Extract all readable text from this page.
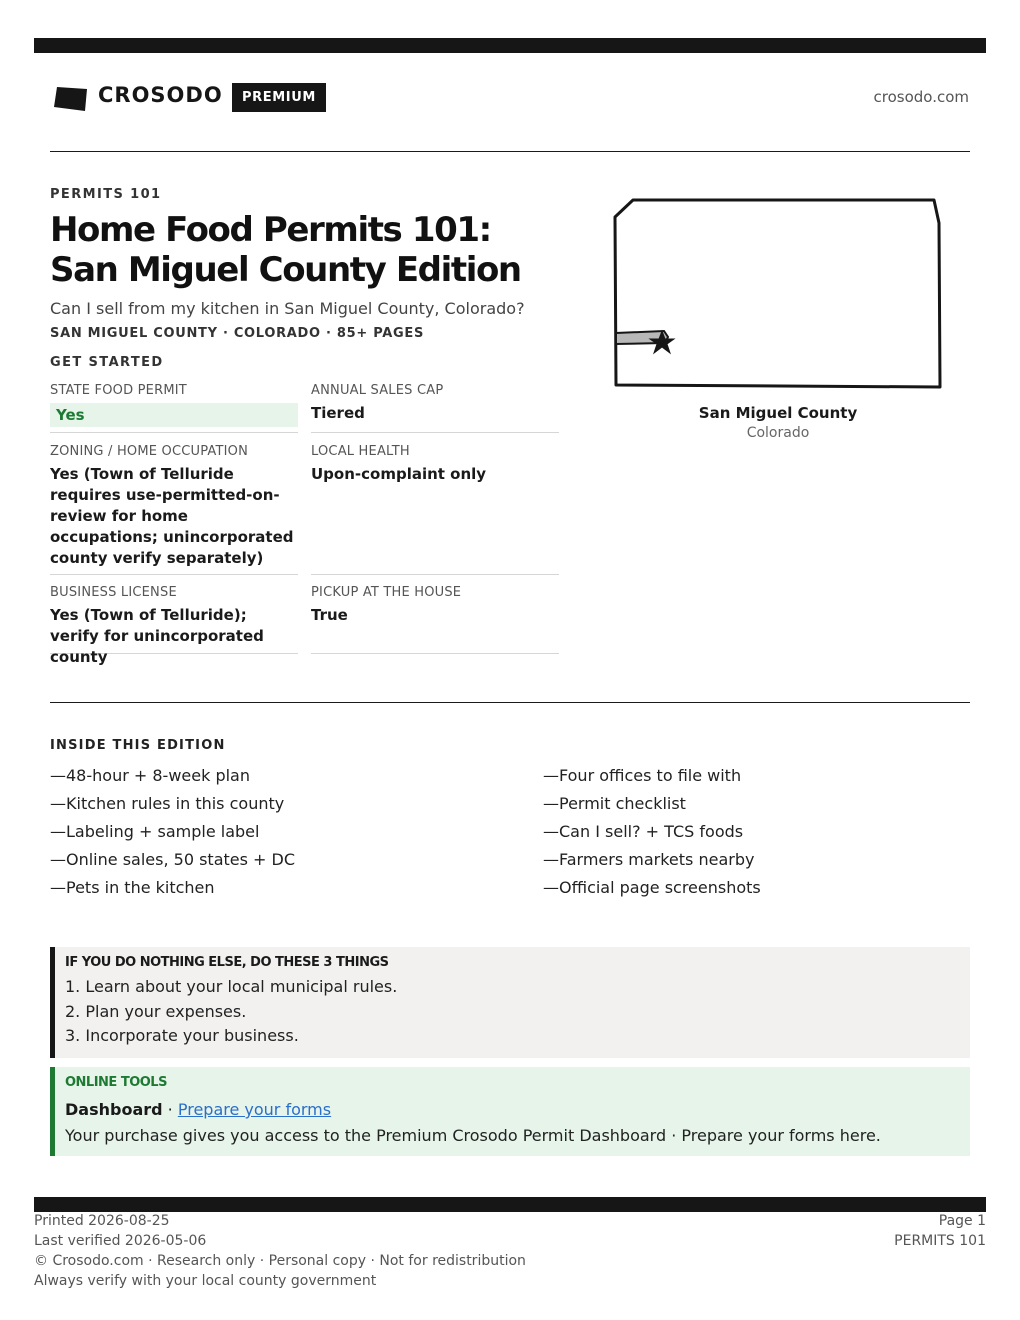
CROSODO	PREMIUM	crosodo.com
PERMITS 101
Home Food Permits 101: San Miguel County Edition
Can I sell from my kitchen in San Miguel County, Colorado?
SAN MIGUEL COUNTY · COLORADO · 85+ PAGES
GET STARTED
STATE FOOD PERMIT
Yes
ANNUAL SALES CAP
Tiered
ZONING / HOME OCCUPATION
Yes (Town of Telluride requires use-permitted-on-review for home occupations; unincorporated county verify separately)
LOCAL HEALTH
Upon-complaint only
BUSINESS LICENSE
Yes (Town of Telluride); verify for unincorporated county
PICKUP AT THE HOUSE
True
San Miguel County
Colorado
INSIDE THIS EDITION
—48-hour + 8-week plan
—Kitchen rules in this county
—Labeling + sample label
—Online sales, 50 states + DC
—Pets in the kitchen
—Four offices to file with
—Permit checklist
—Can I sell? + TCS foods
—Farmers markets nearby
—Official page screenshots
IF YOU DO NOTHING ELSE, DO THESE 3 THINGS
1. Learn about your local municipal rules.
2. Plan your expenses.
3. Incorporate your business.
ONLINE TOOLS
Dashboard · Prepare your forms
Your purchase gives you access to the Premium Crosodo Permit Dashboard · Prepare your forms here.
Printed 2026-08-25
Last verified 2026-05-06
© Crosodo.com · Research only · Personal copy · Not for redistribution
Always verify with your local county government
Page 1
PERMITS 101
